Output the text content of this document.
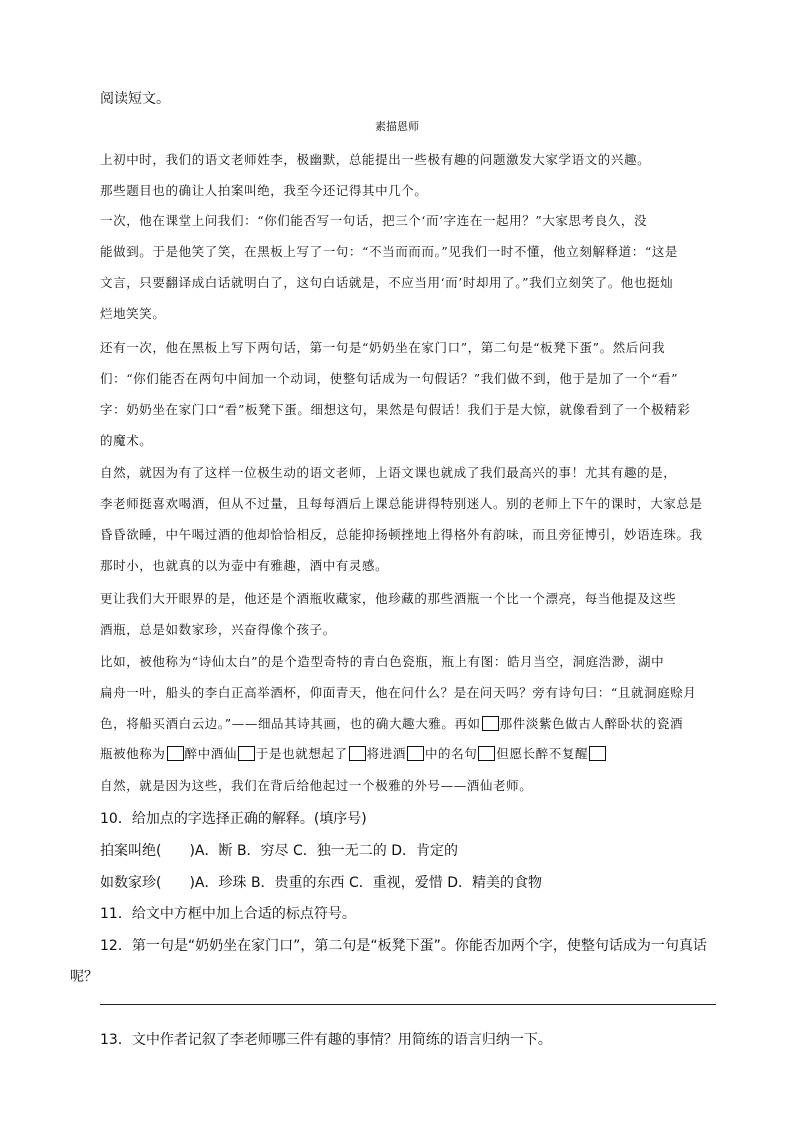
阅读短文。
素描恩师
上初中时，我们的语文老师姓李，极幽默，总能提出一些极有趣的问题激发大家学语文的兴趣。
那些题目也的确让人拍案叫绝，我至今还记得其中几个。
一次，他在课堂上问我们：“你们能否写一句话，把三个‘而’字连在一起用？”大家思考良久，没
能做到。于是他笑了笑，在黑板上写了一句：“不当而而而。”见我们一时不懂，他立刻解释道：“这是
文言，只要翻译成白话就明白了，这句白话就是，不应当用‘而’时却用了。”我们立刻笑了。他也挺灿
烂地笑笑。
还有一次，他在黑板上写下两句话，第一句是“奶奶坐在家门口”，第二句是“板凳下蛋”。然后问我
们：“你们能否在两句中间加一个动词，使整句话成为一句假话？”我们做不到，他于是加了一个“看”
字：奶奶坐在家门口“看”板凳下蛋。细想这句，果然是句假话！我们于是大惊，就像看到了一个极精彩
的魔术。
自然，就因为有了这样一位极生动的语文老师，上语文课也就成了我们最高兴的事！尤其有趣的是，
李老师挺喜欢喝酒，但从不过量，且每每酒后上课总能讲得特别迷人。别的老师上下午的课时，大家总是
昏昏欲睡，中午喝过酒的他却恰恰相反，总能抑扬顿挫地上得格外有韵味，而且旁征博引，妙语连珠。我
那时小，也就真的以为壶中有雅趣，酒中有灵感。
更让我们大开眼界的是，他还是个酒瓶收藏家，他珍藏的那些酒瓶一个比一个漂亮，每当他提及这些
酒瓶，总是如数家珍，兴奋得像个孩子。
比如，被他称为“诗仙太白”的是个造型奇特的青白色瓷瓶，瓶上有图：皓月当空，洞庭浩渺，湖中
扁舟一叶，船头的李白正高举酒杯，仰面青天，他在问什么？是在问天吗？旁有诗句曰：“且就洞庭赊月
色，将船买酒白云边。”——细品其诗其画，也的确大趣大雅。再如 那件淡紫色做古人醉卧状的瓷酒
瓶被他称为 醉中酒仙 于是也就想起了 将进酒 中的名句 但愿长醉不复醒
自然，就是因为这些，我们在背后给他起过一个极雅的外号——酒仙老师。
10．给加点的字选择正确的解释。(填序号)
拍案叫绝( )A．断 B．穷尽 C．独一无二的 D．肯定的
如数家珍( )A．珍珠 B．贵重的东西 C．重视，爱惜 D．精美的食物
11．给文中方框中加上合适的标点符号。
12．第一句是“奶奶坐在家门口”，第二句是“板凳下蛋”。你能否加两个字，使整句话成为一句真话
呢？
13．文中作者记叙了李老师哪三件有趣的事情？用简练的语言归纳一下。
